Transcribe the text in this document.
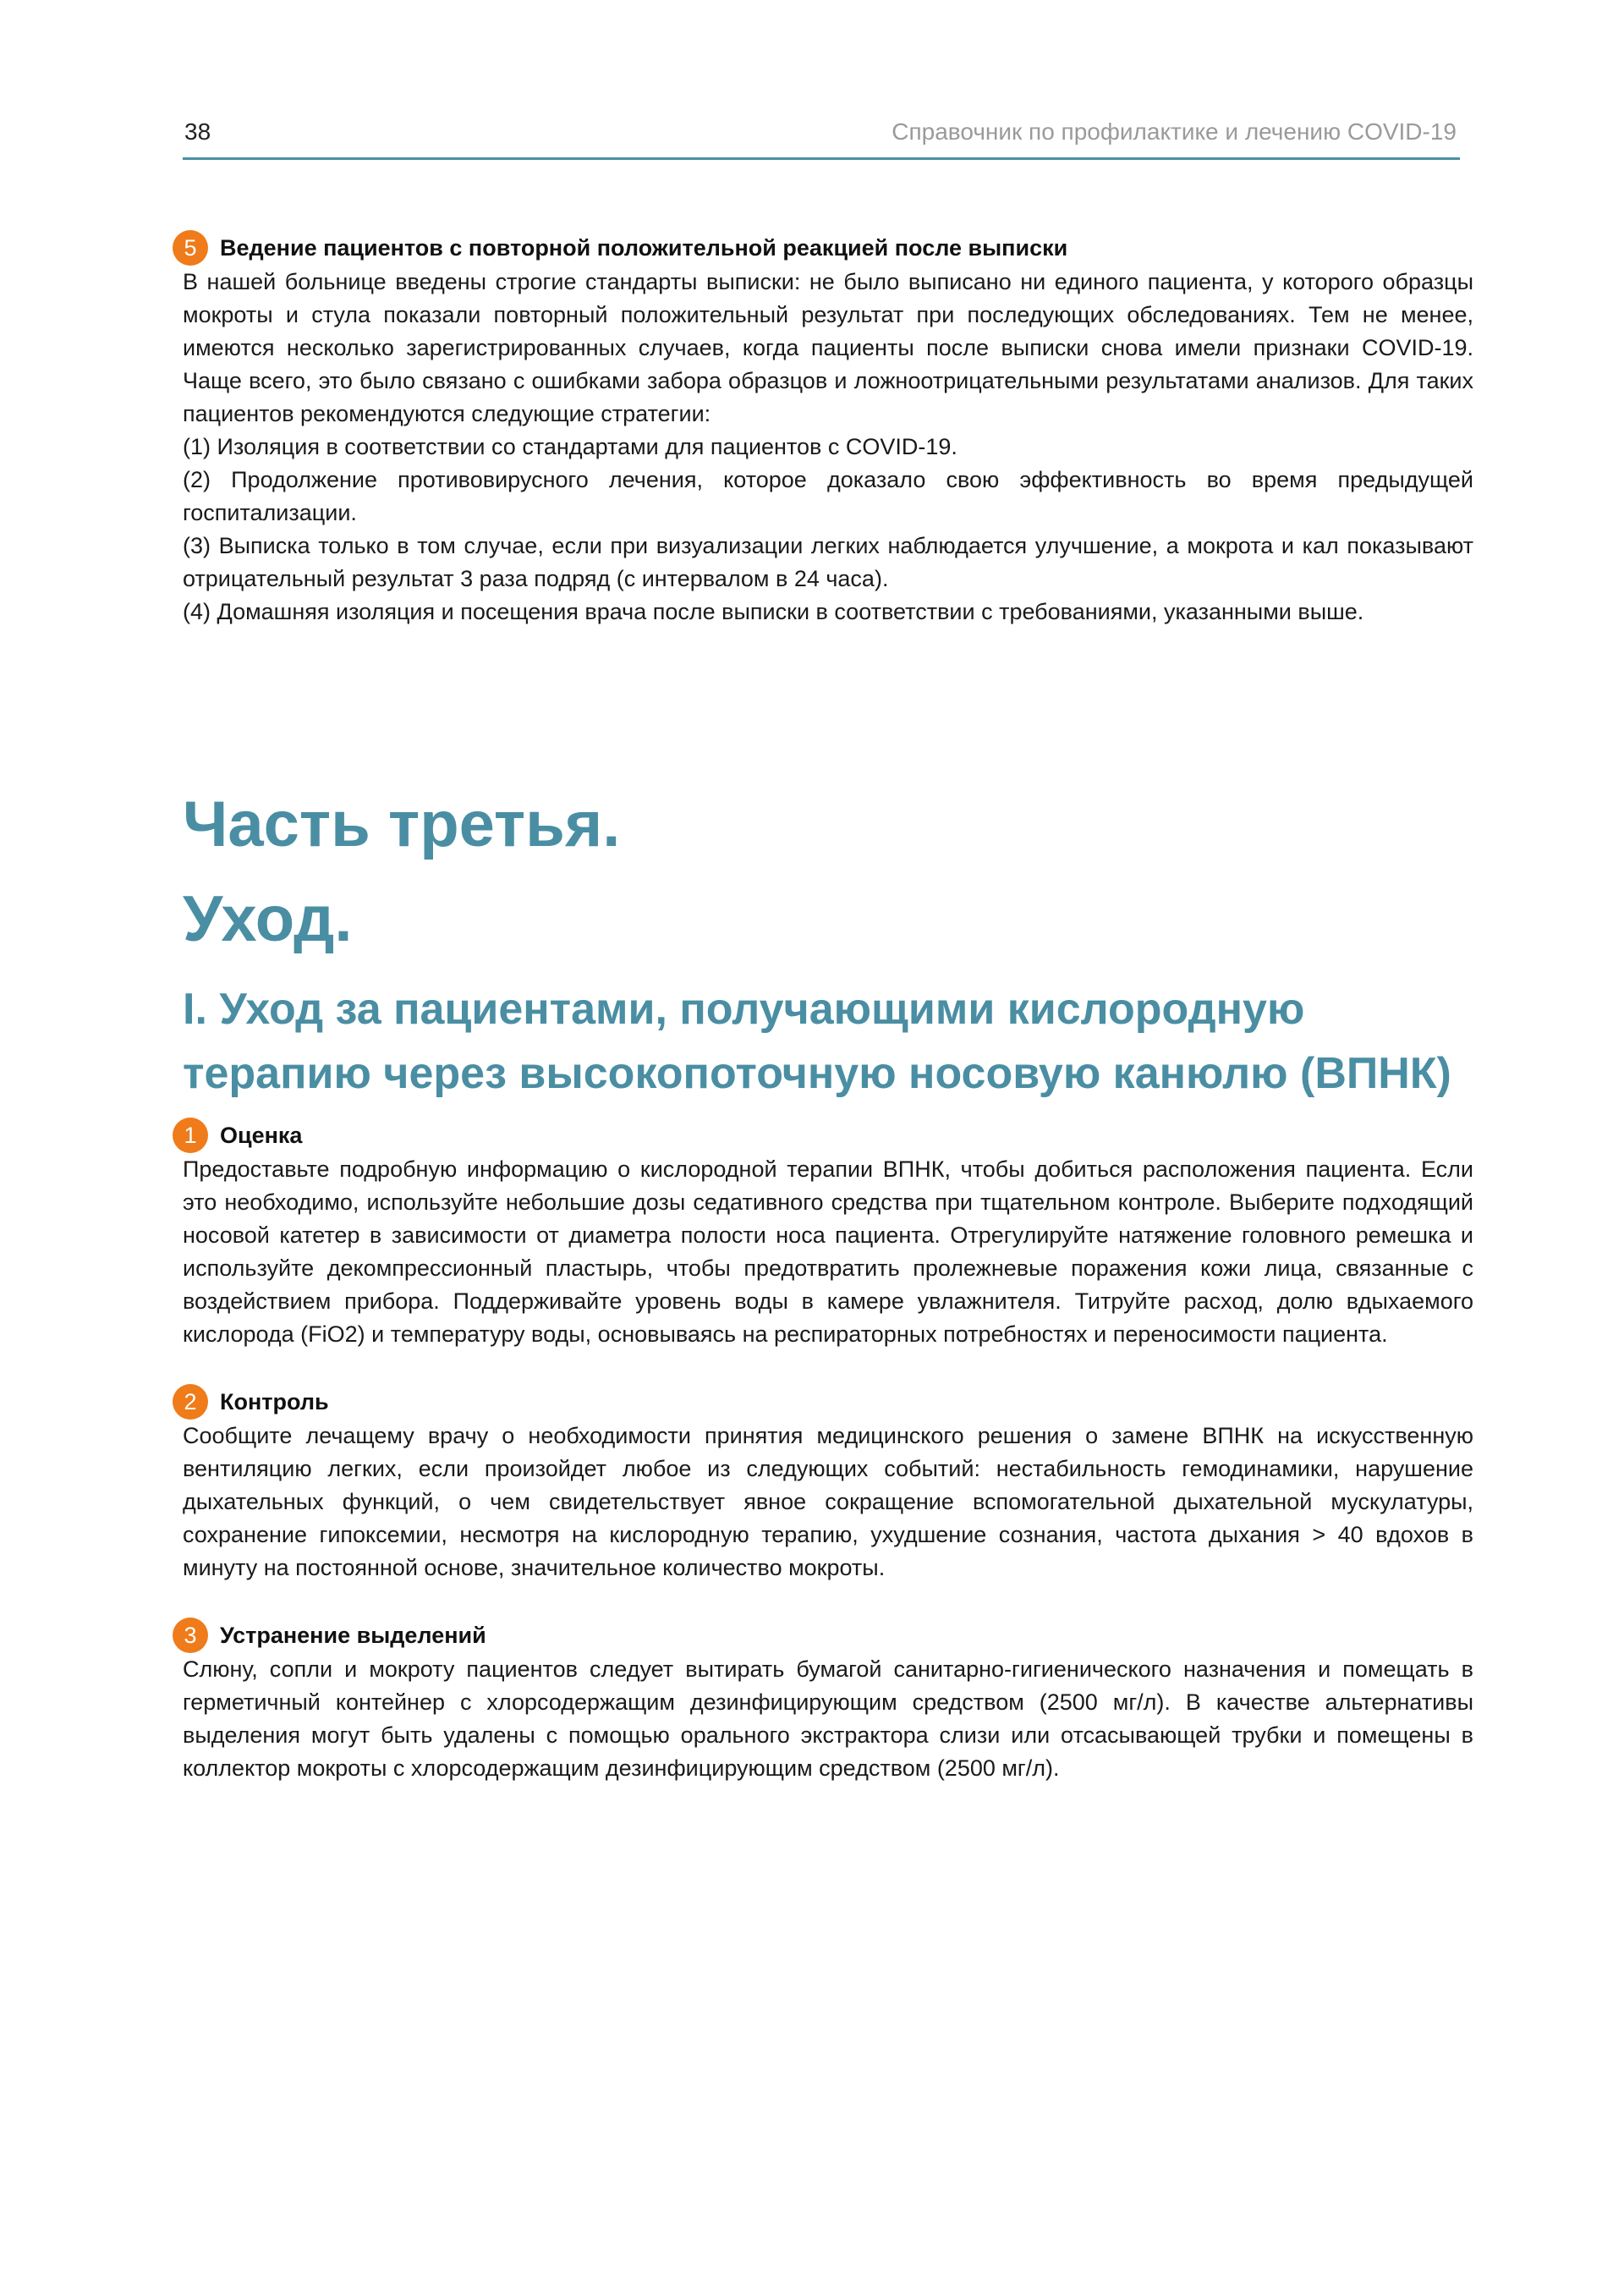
38	Справочник по профилактике и лечению COVID-19
5	Ведение пациентов с повторной положительной реакцией после выписки

В нашей больнице введены строгие стандарты выписки: не было выписано ни единого пациента, у которого образцы мокроты и стула показали повторный положительный результат при последующих обследованиях. Тем не менее, имеются несколько зарегистрированных случаев, когда пациенты после выписки снова имели признаки COVID-19. Чаще всего, это было связано с ошибками забора образцов и ложноотрицательными результатами анализов. Для таких пациентов рекомендуются следующие стратегии:

(1) Изоляция в соответствии со стандартами для пациентов с COVID-19.

(2) Продолжение противовирусного лечения, которое доказало свою эффективность во время предыдущей госпитализации.

(3) Выписка только в том случае, если при визуализации легких наблюдается улучшение, а мокрота и кал показывают отрицательный результат 3 раза подряд (с интервалом в 24 часа).

(4) Домашняя изоляция и посещения врача после выписки в соответствии с требованиями, указанными выше.

Часть третья.
Уход.
I. Уход за пациентами, получающими кислородную терапию через высокопоточную носовую канюлю (ВПНК)
1	Оценка

Предоставьте подробную информацию о кислородной терапии ВПНК, чтобы добиться расположения пациента. Если это необходимо, используйте небольшие дозы седативного средства при тщательном контроле. Выберите подходящий носовой катетер в зависимости от диаметра полости носа пациента. Отрегулируйте натяжение головного ремешка и используйте декомпрессионный пластырь, чтобы предотвратить пролежневые поражения кожи лица, связанные с воздействием прибора. Поддерживайте уровень воды в камере увлажнителя. Титруйте расход, долю вдыхаемого кислорода (FiO2) и температуру воды, основываясь на респираторных потребностях и переносимости пациента.

2	Контроль

Сообщите лечащему врачу о необходимости принятия медицинского решения о замене ВПНК на искусственную вентиляцию легких, если произойдет любое из следующих событий: нестабильность гемодинамики, нарушение дыхательных функций, о чем свидетельствует явное сокращение вспомогательной дыхательной мускулатуры, сохранение гипоксемии, несмотря на кислородную терапию, ухудшение сознания, частота дыхания > 40 вдохов в минуту на постоянной основе, значительное количество мокроты.

3	Устранение выделений

Слюну, сопли и мокроту пациентов следует вытирать бумагой санитарно-гигиенического назначения и помещать в герметичный контейнер с хлорсодержащим дезинфицирующим средством (2500 мг/л). В качестве альтернативы выделения могут быть удалены с помощью орального экстрактора слизи или отсасывающей трубки и помещены в коллектор мокроты с хлорсодержащим дезинфицирующим средством (2500 мг/л).
